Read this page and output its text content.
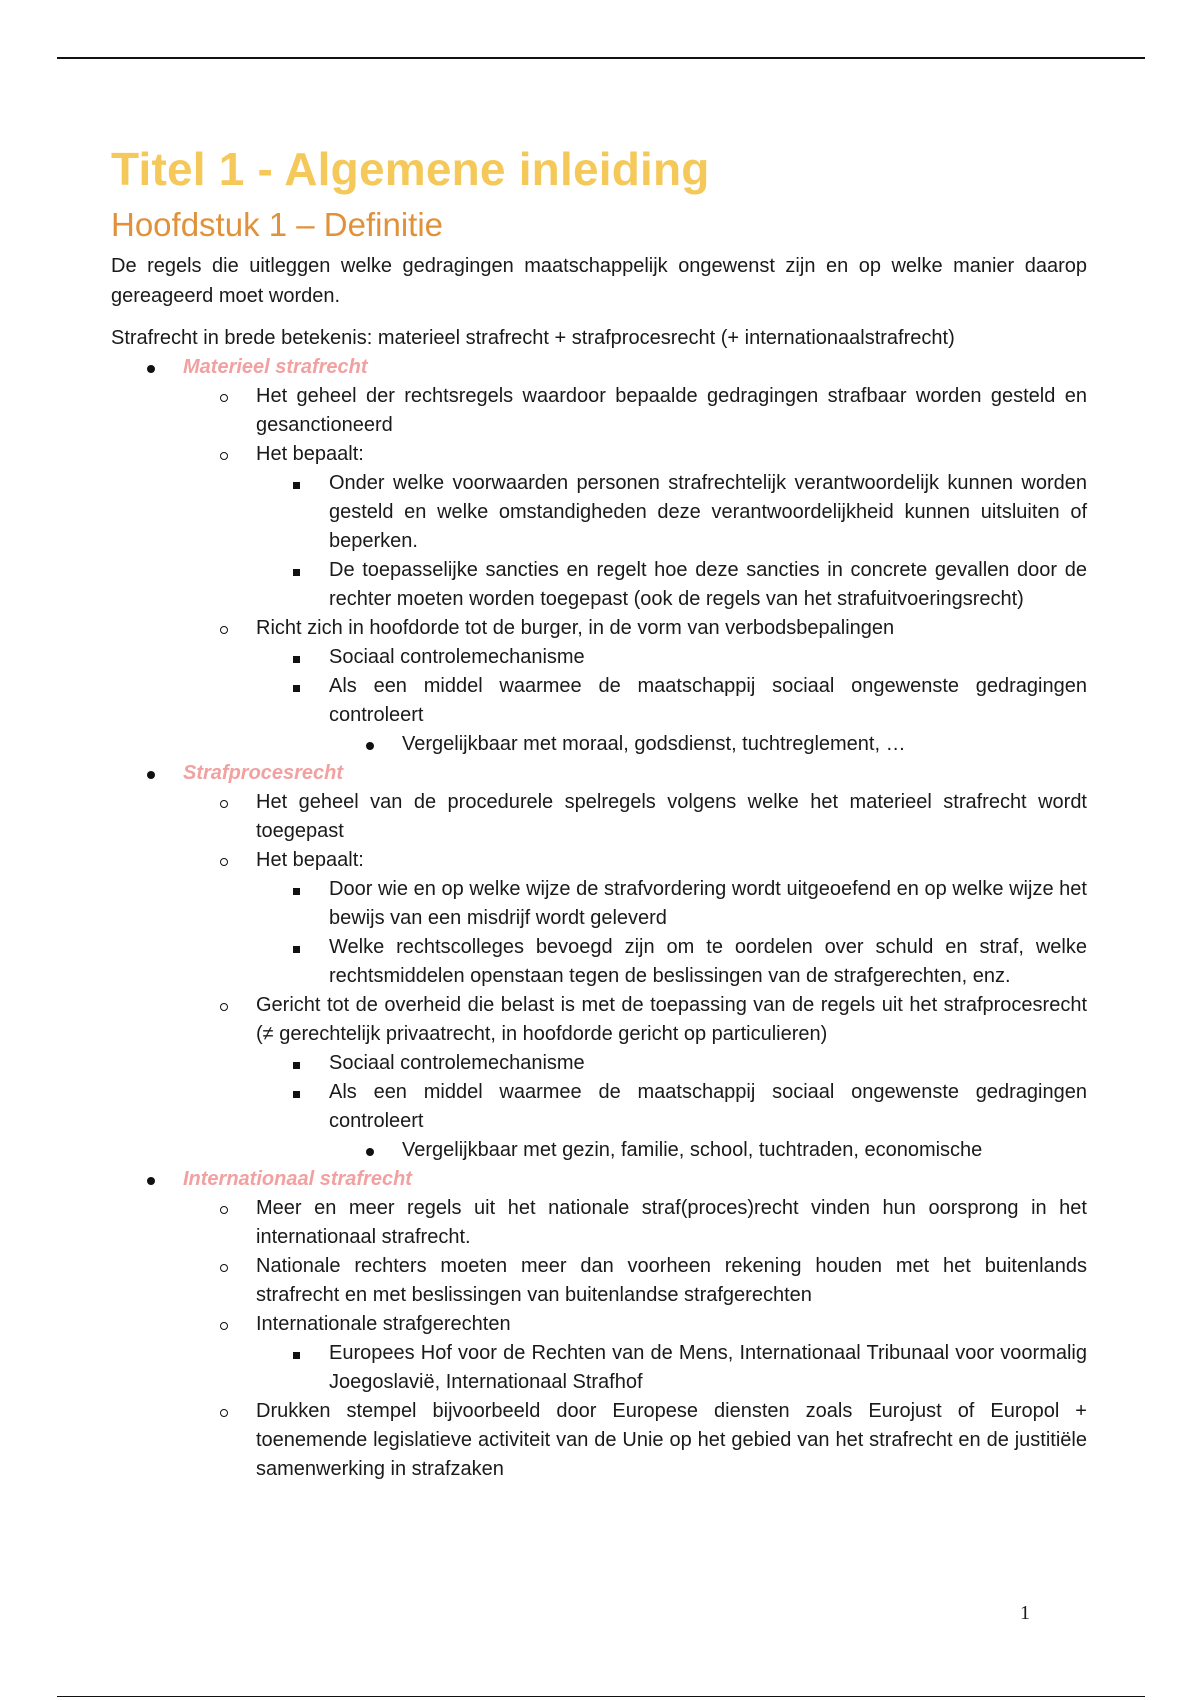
Titel 1 - Algemene inleiding
Hoofdstuk 1 – Definitie

De regels die uitleggen welke gedragingen maatschappelijk ongewenst zijn en op welke manier daarop gereageerd moet worden.

Strafrecht in brede betekenis: materieel strafrecht + strafprocesrecht (+ internationaalstrafrecht)

Materieel strafrecht
Het geheel der rechtsregels waardoor bepaalde gedragingen strafbaar worden gesteld en gesanctioneerd
Het bepaalt:
Onder welke voorwaarden personen strafrechtelijk verantwoordelijk kunnen worden gesteld en welke omstandigheden deze verantwoordelijkheid kunnen uitsluiten of beperken.
De toepasselijke sancties en regelt hoe deze sancties in concrete gevallen door de rechter moeten worden toegepast (ook de regels van het strafuitvoeringsrecht)
Richt zich in hoofdorde tot de burger, in de vorm van verbodsbepalingen
Sociaal controlemechanisme
Als een middel waarmee de maatschappij sociaal ongewenste gedragingen controleert
Vergelijkbaar met moraal, godsdienst, tuchtreglement, …
Strafprocesrecht
Het geheel van de procedurele spelregels volgens welke het materieel strafrecht wordt toegepast
Het bepaalt:
Door wie en op welke wijze de strafvordering wordt uitgeoefend en op welke wijze het bewijs van een misdrijf wordt geleverd
Welke rechtscolleges bevoegd zijn om te oordelen over schuld en straf, welke rechtsmiddelen openstaan tegen de beslissingen van de strafgerechten, enz.
Gericht tot de overheid die belast is met de toepassing van de regels uit het strafprocesrecht (≠ gerechtelijk privaatrecht, in hoofdorde gericht op particulieren)
Sociaal controlemechanisme
Als een middel waarmee de maatschappij sociaal ongewenste gedragingen controleert
Vergelijkbaar met gezin, familie, school, tuchtraden, economische
Internationaal strafrecht
Meer en meer regels uit het nationale straf(proces)recht vinden hun oorsprong in het internationaal strafrecht.
Nationale rechters moeten meer dan voorheen rekening houden met het buitenlands strafrecht en met beslissingen van buitenlandse strafgerechten
Internationale strafgerechten
Europees Hof voor de Rechten van de Mens, Internationaal Tribunaal voor voormalig Joegoslavië, Internationaal Strafhof
Drukken stempel bijvoorbeeld door Europese diensten zoals Eurojust of Europol + toenemende legislatieve activiteit van de Unie op het gebied van het strafrecht en de justitiële samenwerking in strafzaken
1
